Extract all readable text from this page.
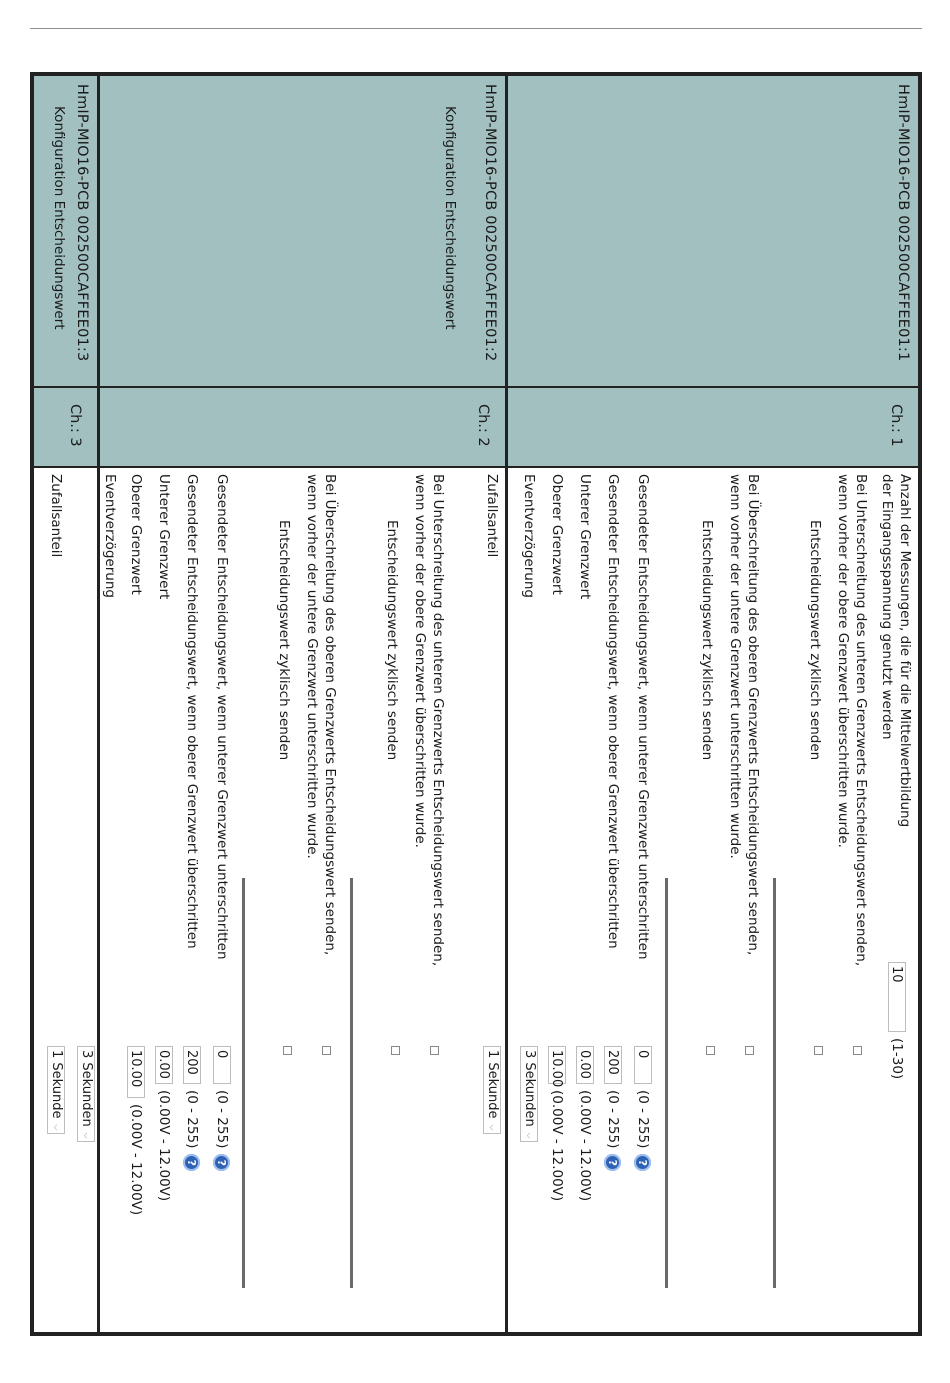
HmIP-MIO16-PCB 002500CAFFEE01:1
Ch.: 1
Anzahl der Messungen, die für die Mittelwertbildung
der Eingangsspannung genutzt werden
10
(1-30)
Bei Unterschreitung des unteren Grenzwerts Entscheidungswert senden,
wenn vorher der obere Grenzwert überschritten wurde.
Entscheidungswert zyklisch senden
Bei Überschreitung des oberen Grenzwerts Entscheidungswert senden,
wenn vorher der untere Grenzwert unterschritten wurde.
Entscheidungswert zyklisch senden
Gesendeter Entscheidungswert, wenn unterer Grenzwert unterschritten
0
(0 - 255)
?
Gesendeter Entscheidungswert, wenn oberer Grenzwert überschritten
200
(0 - 255)
?
Unterer Grenzwert
0.00
(0.00V - 12.00V)
Oberer Grenzwert
10.00
(0.00V - 12.00V)
Eventverzögerung
3 Sekunden ⌵
HmIP-MIO16-PCB 002500CAFFEE01:2
Konfiguration Entscheidungswert
Ch.: 2
Zufallsanteil
1 Sekunde ⌵
Bei Unterschreitung des unteren Grenzwerts Entscheidungswert senden,
wenn vorher der obere Grenzwert überschritten wurde.
Entscheidungswert zyklisch senden
Bei Überschreitung des oberen Grenzwerts Entscheidungswert senden,
wenn vorher der untere Grenzwert unterschritten wurde.
Entscheidungswert zyklisch senden
Gesendeter Entscheidungswert, wenn unterer Grenzwert unterschritten
0
(0 - 255)
?
Gesendeter Entscheidungswert, wenn oberer Grenzwert überschritten
200
(0 - 255)
?
Unterer Grenzwert
0.00
(0.00V - 12.00V)
Oberer Grenzwert
10.00
(0.00V - 12.00V)
Eventverzögerung
HmIP-MIO16-PCB 002500CAFFEE01:3
Konfiguration Entscheidungswert
Ch.: 3
3 Sekunden ⌵
Zufallsanteil
1 Sekunde ⌵
